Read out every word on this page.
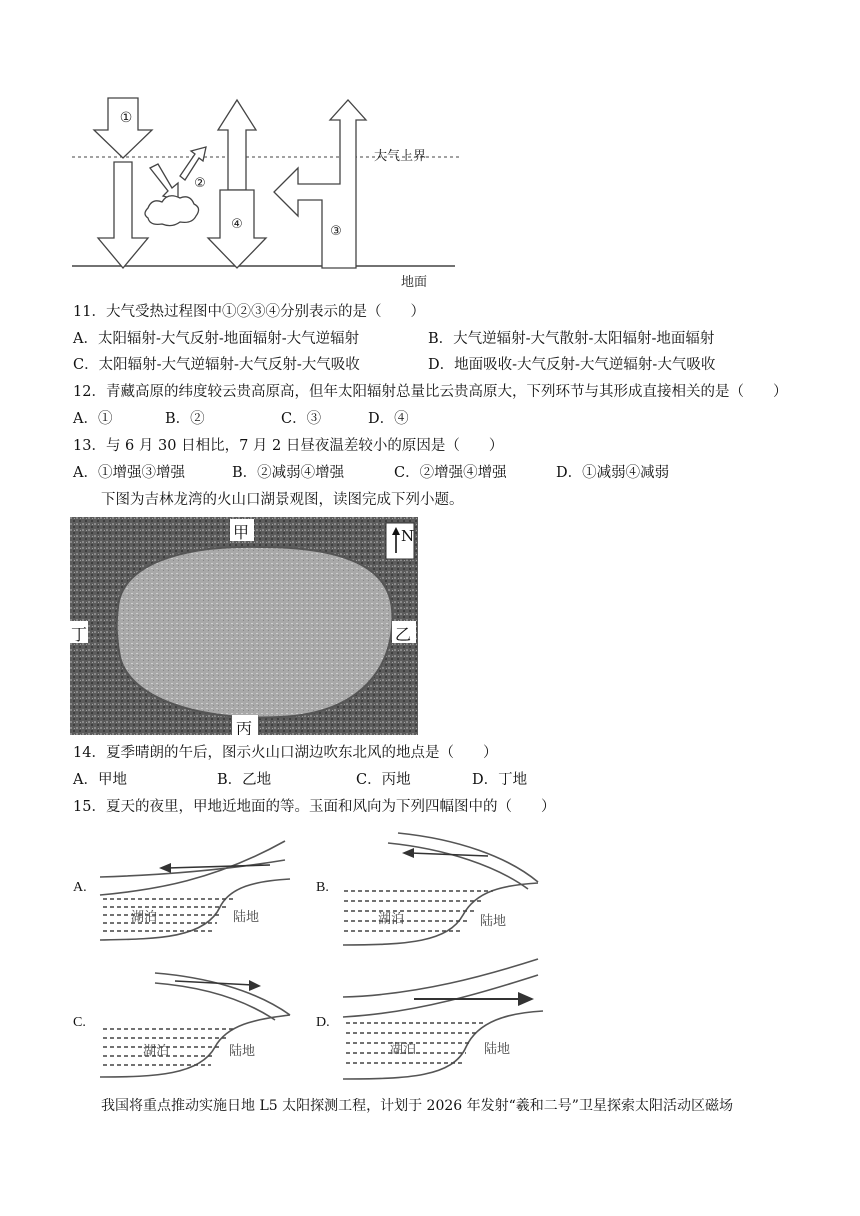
①
②
③
④
大气上界
地面
11．大气受热过程图中①②③④分别表示的是（　　）
A．太阳辐射-大气反射-地面辐射-大气逆辐射	B．大气逆辐射-大气散射-太阳辐射-地面辐射
C．太阳辐射-大气逆辐射-大气反射-大气吸收	D．地面吸收-大气反射-大气逆辐射-大气吸收
12．青藏高原的纬度较云贵高原高，但年太阳辐射总量比云贵高原大，下列环节与其形成直接相关的是（　　）
A．①	B．②	C．③	D．④
13．与 6 月 30 日相比，7 月 2 日昼夜温差较小的原因是（　　）
A．①增强③增强	B．②减弱④增强	C．②增强④增强	D．①减弱④减弱
下图为吉林龙湾的火山口湖景观图，读图完成下列小题。
N
甲
乙
丙
丁
14．夏季晴朗的午后，图示火山口湖边吹东北风的地点是（　　）
A．甲地	B．乙地	C．丙地	D．丁地
15．夏天的夜里，甲地近地面的等。玉面和风向为下列四幅图中的（　　）
A.
湖泊	陆地
B.
湖泊	陆地
C.
湖泊	陆地
D.
湖泊	陆地
我国将重点推动实施日地 L5 太阳探测工程，计划于 2026 年发射“羲和二号”卫星探索太阳活动区磁场
